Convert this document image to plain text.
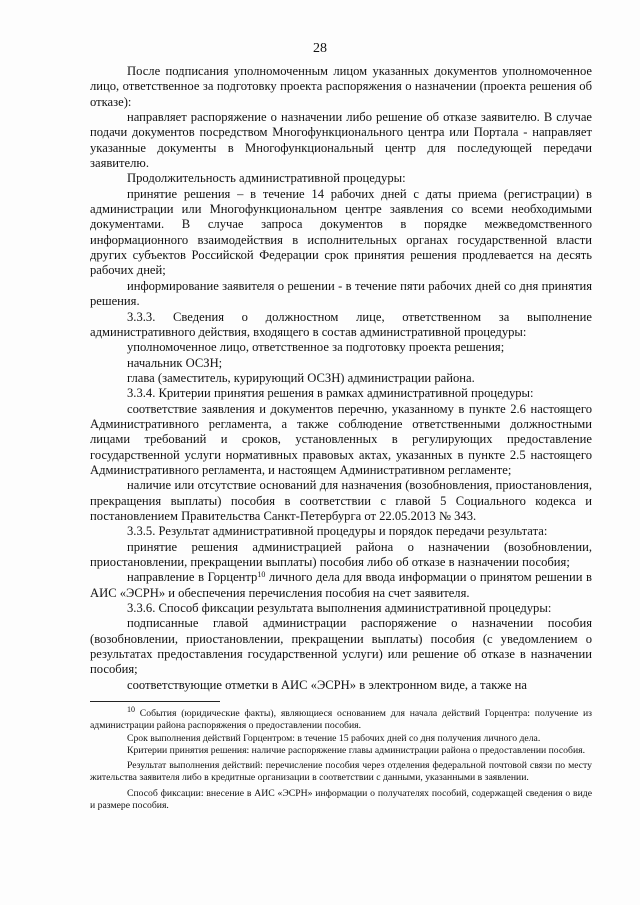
28

После подписания уполномоченным лицом указанных документов уполномоченное лицо, ответственное за подготовку проекта распоряжения о назначении (проекта решения об отказе):

направляет распоряжение о назначении либо решение об отказе заявителю. В случае подачи документов посредством Многофункционального центра или Портала - направляет указанные документы в Многофункциональный центр для последующей передачи заявителю.

Продолжительность административной процедуры:

принятие решения – в течение 14 рабочих дней с даты приема (регистрации) в администрации или Многофункциональном центре заявления со всеми необходимыми документами. В случае запроса документов в порядке межведомственного информационного взаимодействия в исполнительных органах государственной власти других субъектов Российской Федерации срок принятия решения продлевается на десять рабочих дней;

информирование заявителя о решении - в течение пяти рабочих дней со дня принятия решения.

3.3.3. Сведения о должностном лице, ответственном за выполнение административного действия, входящего в состав административной процедуры:

уполномоченное лицо, ответственное за подготовку проекта решения;

начальник ОСЗН;

глава (заместитель, курирующий ОСЗН) администрации района.

3.3.4. Критерии принятия решения в рамках административной процедуры:

соответствие заявления и документов перечню, указанному в пункте 2.6 настоящего Административного регламента, а также соблюдение ответственными должностными лицами требований и сроков, установленных в регулирующих предоставление государственной услуги нормативных правовых актах, указанных в пункте 2.5 настоящего Административного регламента, и настоящем Административном регламенте;

наличие или отсутствие оснований для назначения (возобновления, приостановления, прекращения выплаты) пособия в соответствии с главой 5 Социального кодекса и постановлением Правительства Санкт-Петербурга от 22.05.2013 № 343.

3.3.5. Результат административной процедуры и порядок передачи результата:

принятие решения администрацией района о назначении (возобновлении, приостановлении, прекращении выплаты) пособия либо об отказе в назначении пособия;

направление в Горцентр$^{10}$ личного дела для ввода информации о принятом решении в АИС «ЭСРН» и обеспечения перечисления пособия на счет заявителя.

3.3.6. Способ фиксации результата выполнения административной процедуры:

подписанные главой администрации распоряжение о назначении пособия (возобновлении, приостановлении, прекращении выплаты) пособия (с уведомлением о результатах предоставления государственной услуги) или решение об отказе в назначении пособия;

соответствующие отметки в АИС «ЭСРН» в электронном виде, а также на

$^{10}$ События (юридические факты), являющиеся основанием для начала действий Горцентра: получение из администрации района распоряжения о предоставлении пособия.

Срок выполнения действий Горцентром: в течение 15 рабочих дней со дня получения личного дела.

Критерии принятия решения: наличие распоряжение главы администрации района о предоставлении пособия.

Результат выполнения действий: перечисление пособия через отделения федеральной почтовой связи по месту жительства заявителя либо в кредитные организации в соответствии с данными, указанными в заявлении.

Способ фиксации: внесение в АИС «ЭСРН» информации о получателях пособий, содержащей сведения о виде и размере пособия.
